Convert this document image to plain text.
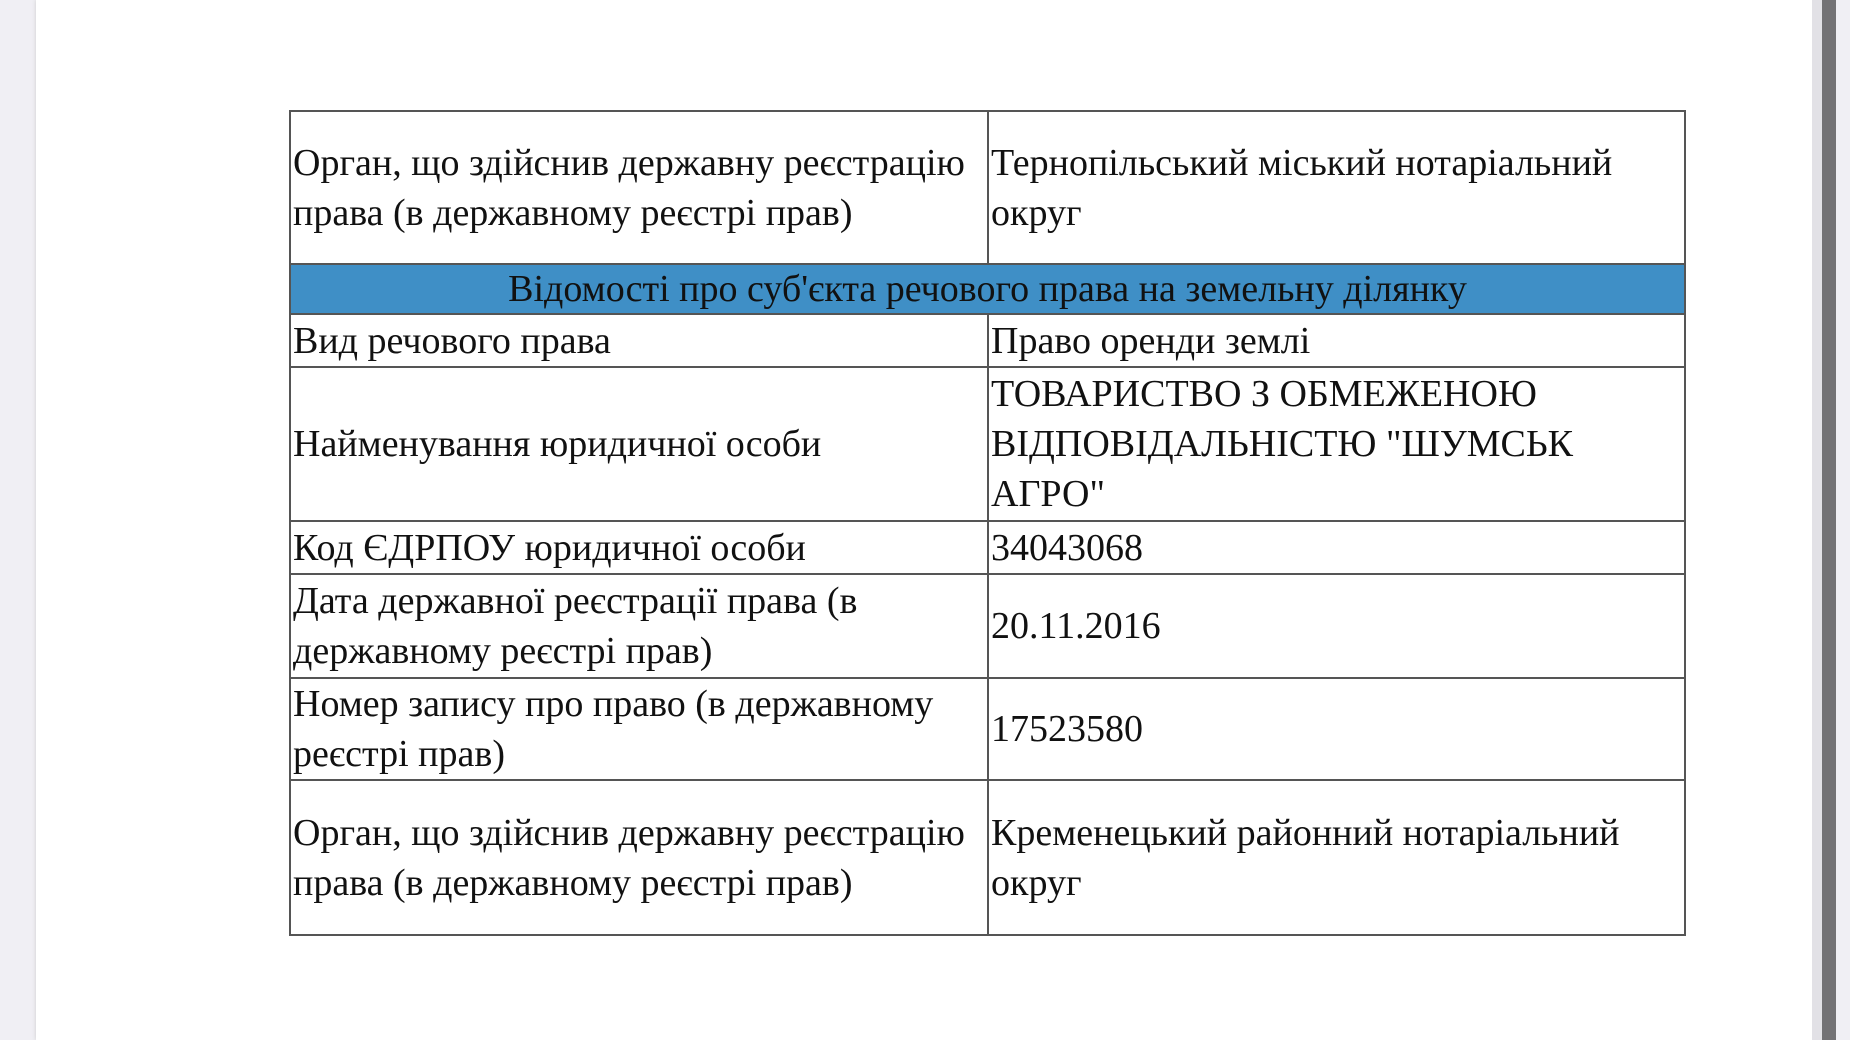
Орган, що здійснив державну реєстрацію права (в державному реєстрі прав)	Тернопільський міський нотаріальний округ
Відомості про суб'єкта речового права на земельну ділянку	
Вид речового права	Право оренди землі
Найменування юридичної особи	ТОВАРИСТВО З ОБМЕЖЕНОЮ ВІДПОВІДАЛЬНІСТЮ "ШУМСЬК АГРО"
Код ЄДРПОУ юридичної особи	34043068
Дата державної реєстрації права (в державному реєстрі прав)	20.11.2016
Номер запису про право (в державному реєстрі прав)	17523580
Орган, що здійснив державну реєстрацію права (в державному реєстрі прав)	Кременецький районний нотаріальний округ
